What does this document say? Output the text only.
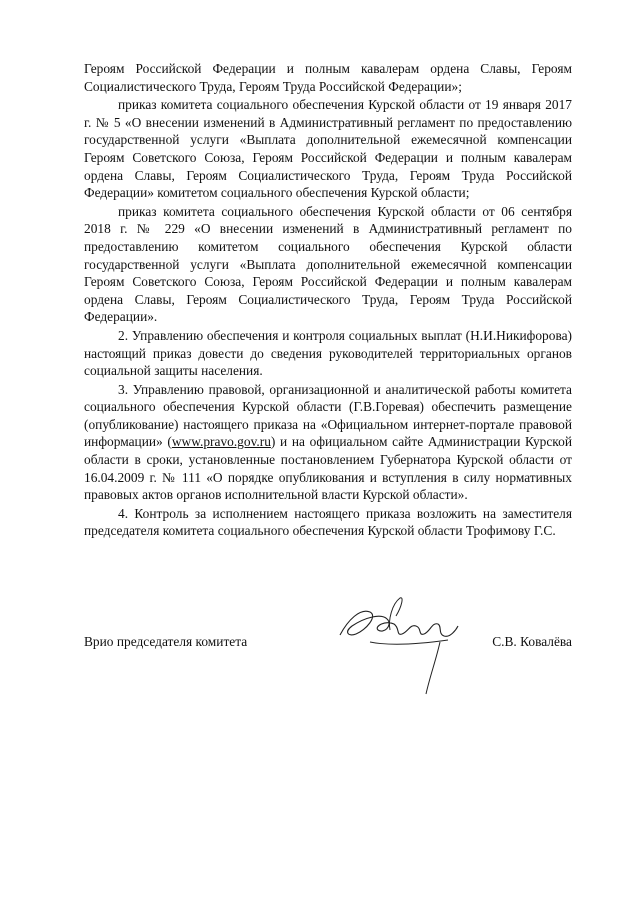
Героям Российской Федерации и полным кавалерам ордена Славы, Героям Социалистического Труда, Героям Труда Российской Федерации»;

приказ комитета социального обеспечения Курской области от 19 января 2017 г. № 5 «О внесении изменений в Административный регламент по предоставлению государственной услуги «Выплата дополнительной ежемесячной компенсации Героям Советского Союза, Героям Российской Федерации и полным кавалерам ордена Славы, Героям Социалистического Труда, Героям Труда Российской Федерации» комитетом социального обеспечения Курской области;

приказ комитета социального обеспечения Курской области от 06 сентября 2018 г. № 229 «О внесении изменений в Административный регламент по предоставлению комитетом социального обеспечения Курской области государственной услуги «Выплата дополнительной ежемесячной компенсации Героям Советского Союза, Героям Российской Федерации и полным кавалерам ордена Славы, Героям Социалистического Труда, Героям Труда Российской Федерации».

2. Управлению обеспечения и контроля социальных выплат (Н.И.Никифорова) настоящий приказ довести до сведения руководителей территориальных органов социальной защиты населения.

3. Управлению правовой, организационной и аналитической работы комитета социального обеспечения Курской области (Г.В.Горевая) обеспечить размещение (опубликование) настоящего приказа на «Официальном интернет-портале правовой информации» (www.pravo.gov.ru) и на официальном сайте Администрации Курской области в сроки, установленные постановлением Губернатора Курской области от 16.04.2009 г. № 111 «О порядке опубликования и вступления в силу нормативных правовых актов органов исполнительной власти Курской области».

4. Контроль за исполнением настоящего приказа возложить на заместителя председателя комитета социального обеспечения Курской области Трофимову Г.С.

Врио председателя комитета	С.В. Ковалёва
